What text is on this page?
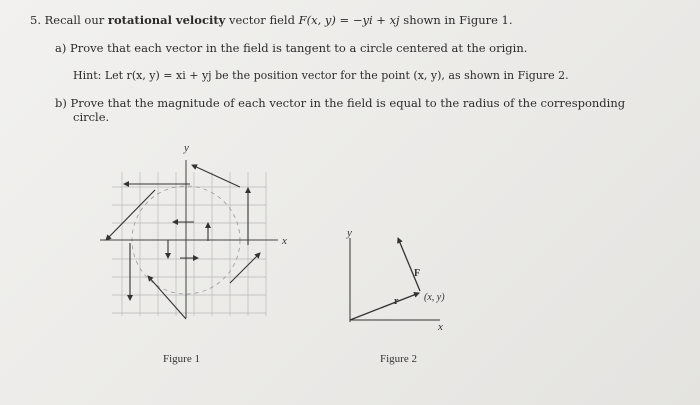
5. Recall our rotational velocity vector field F(x, y) = −yi + xj shown in Figure 1.
a) Prove that each vector in the field is tangent to a circle centered at the origin.
Hint: Let r(x, y) = xi + yj be the position vector for the point (x, y), as shown in Figure 2.
b) Prove that the magnitude of each vector in the field is equal to the radius of the corresponding
circle.
y
x
Figure 1
y
x
F
r	(x, y)
Figure 2
